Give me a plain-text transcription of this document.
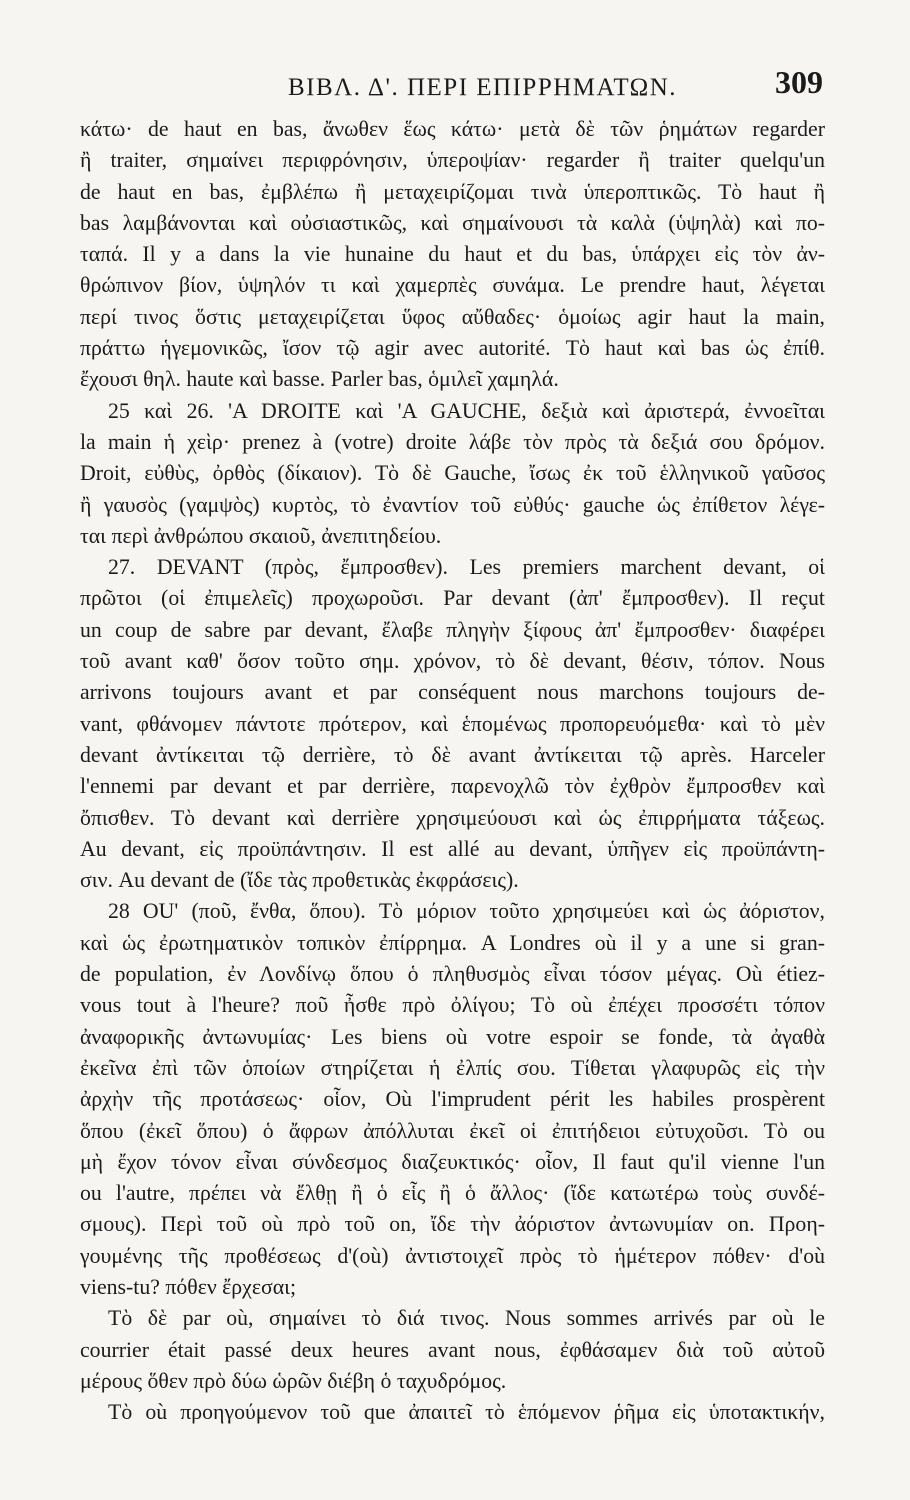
ΒΙΒΛ. Δ'. ΠΕΡΙ ΕΠΙΡΡΗΜΑΤΩΝ.	309
κάτω· de haut en bas, ἄνωθεν ἕως κάτω· μετὰ δὲ τῶν ῥημάτων regarder
ἢ traiter, σημαίνει περιφρόνησιν, ὑπεροψίαν· regarder ἢ traiter quelqu'un
de haut en bas, ἐμβλέπω ἢ μεταχειρίζομαι τινὰ ὑπεροπτικῶς. Τὸ haut ἢ
bas λαμβάνονται καὶ οὐσιαστικῶς, καὶ σημαίνουσι τὰ καλὰ (ὑψηλὰ) καὶ πο-
ταπά. Il y a dans la vie hunaine du haut et du bas, ὑπάρχει εἰς τὸν ἀν-
θρώπινον βίον, ὑψηλόν τι καὶ χαμερπὲς συνάμα. Le prendre haut, λέγεται
περί τινος ὅστις μεταχειρίζεται ὕφος αὔθαδες· ὁμοίως agir haut la main,
πράττω ἡγεμονικῶς, ἴσον τῷ agir avec autorité. Τὸ haut καὶ bas ὡς ἐπίθ.
ἔχουσι θηλ. haute καὶ basse. Parler bas, ὁμιλεῖ χαμηλά.
25 καὶ 26. 'A DROITE καὶ 'A GAUCHE, δεξιὰ καὶ ἀριστερά, ἐννοεῖται
la main ἡ χεὶρ· prenez à (votre) droite λάβε τὸν πρὸς τὰ δεξιά σου δρόμον.
Droit, εὐθὺς, ὀρθὸς (δίκαιον). Τὸ δὲ Gauche, ἴσως ἐκ τοῦ ἑλληνικοῦ γαῦσος
ἢ γαυσὸς (γαμψὸς) κυρτὸς, τὸ ἐναντίον τοῦ εὐθύς· gauche ὡς ἐπίθετον λέγε-
ται περὶ ἀνθρώπου σκαιοῦ, ἀνεπιτηδείου.
27. DEVANT (πρὸς, ἔμπροσθεν). Les premiers marchent devant, οἱ
πρῶτοι (οἱ ἐπιμελεῖς) προχωροῦσι. Par devant (ἀπ' ἔμπροσθεν). Il reçut
un coup de sabre par devant, ἔλαβε πληγὴν ξίφους ἀπ' ἔμπροσθεν· διαφέρει
τοῦ avant καθ' ὅσον τοῦτο σημ. χρόνον, τὸ δὲ devant, θέσιν, τόπον. Nous
arrivons toujours avant et par conséquent nous marchons toujours de-
vant, φθάνομεν πάντοτε πρότερον, καὶ ἑπομένως προπορευόμεθα· καὶ τὸ μὲν
devant ἀντίκειται τῷ derrière, τὸ δὲ avant ἀντίκειται τῷ après. Harceler
l'ennemi par devant et par derrière, παρενοχλῶ τὸν ἐχθρὸν ἔμπροσθεν καὶ
ὄπισθεν. Τὸ devant καὶ derrière χρησιμεύουσι καὶ ὡς ἐπιρρήματα τάξεως.
Au devant, εἰς προϋπάντησιν. Il est allé au devant, ὑπῆγεν εἰς προϋπάντη-
σιν. Au devant de (ἴδε τὰς προθετικὰς ἐκφράσεις).
28 OU' (ποῦ, ἔνθα, ὅπου). Τὸ μόριον τοῦτο χρησιμεύει καὶ ὡς ἀόριστον,
καὶ ὡς ἐρωτηματικὸν τοπικὸν ἐπίρρημα. A Londres où il y a une si gran-
de population, ἐν Λονδίνῳ ὅπου ὁ πληθυσμὸς εἶναι τόσον μέγας. Où étiez-
vous tout à l'heure? ποῦ ἦσθε πρὸ ὀλίγου; Τὸ où ἐπέχει προσσέτι τόπον
ἀναφορικῆς ἀντωνυμίας· Les biens où votre espoir se fonde, τὰ ἀγαθὰ
ἐκεῖνα ἐπὶ τῶν ὁποίων στηρίζεται ἡ ἐλπίς σου. Τίθεται γλαφυρῶς εἰς τὴν
ἀρχὴν τῆς προτάσεως· οἷον, Où l'imprudent périt les habiles prospèrent
ὅπου (ἐκεῖ ὅπου) ὁ ἄφρων ἀπόλλυται ἐκεῖ οἱ ἐπιτήδειοι εὐτυχοῦσι. Τὸ ou
μὴ ἔχον τόνον εἶναι σύνδεσμος διαζευκτικός· οἷον, Il faut qu'il vienne l'un
ou l'autre, πρέπει νὰ ἔλθῃ ἢ ὁ εἷς ἢ ὁ ἄλλος· (ἴδε κατωτέρω τοὺς συνδέ-
σμους). Περὶ τοῦ où πρὸ τοῦ on, ἴδε τὴν ἀόριστον ἀντωνυμίαν on. Προη-
γουμένης τῆς προθέσεως d'(où) ἀντιστοιχεῖ πρὸς τὸ ἡμέτερον πόθεν· d'où
viens-tu? πόθεν ἔρχεσαι;
Τὸ δὲ par où, σημαίνει τὸ διά τινος. Nous sommes arrivés par où le
courrier était passé deux heures avant nous, ἐφθάσαμεν διὰ τοῦ αὐτοῦ
μέρους ὅθεν πρὸ δύω ὡρῶν διέβη ὁ ταχυδρόμος.
Τὸ où προηγούμενον τοῦ que ἀπαιτεῖ τὸ ἑπόμενον ῥῆμα εἰς ὑποτακτικήν,
